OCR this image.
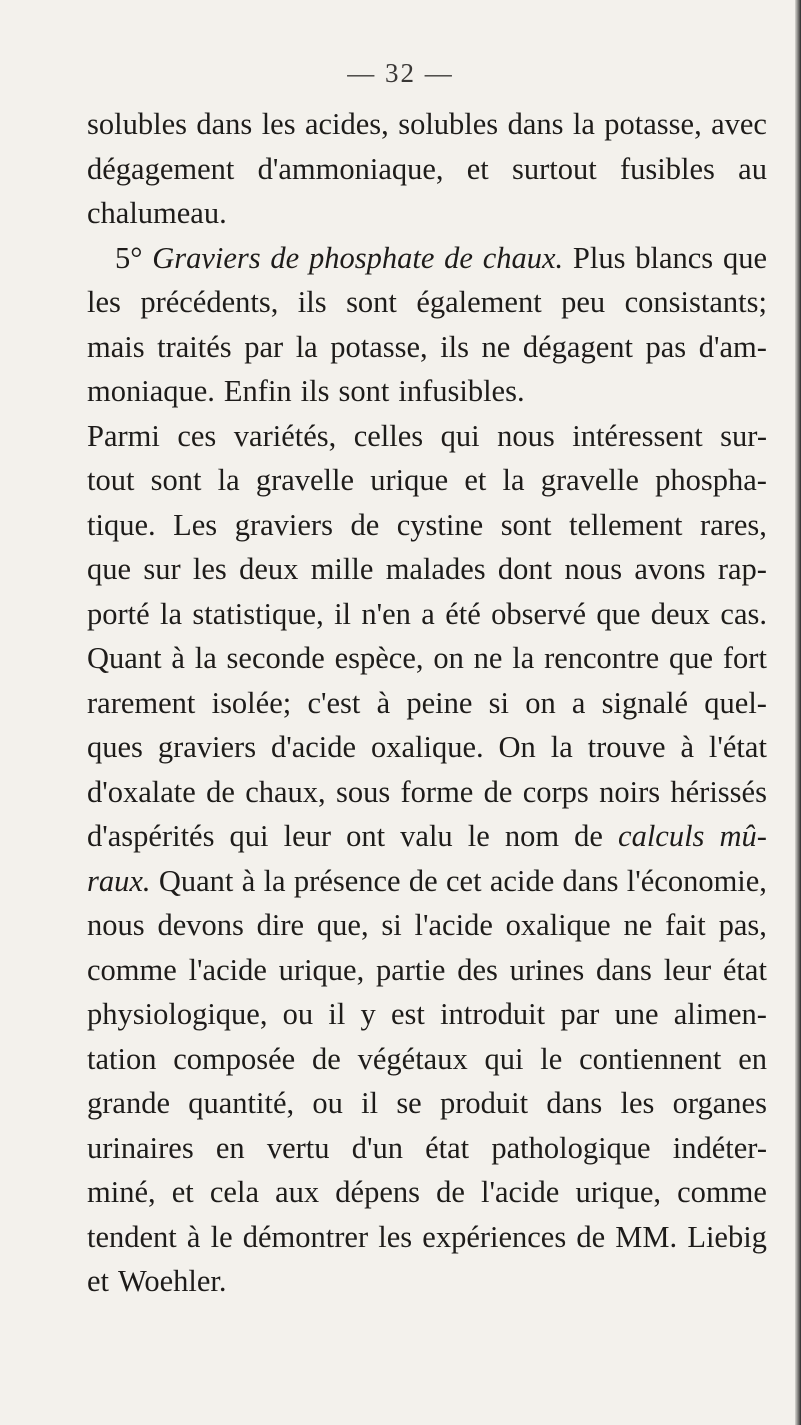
— 32 —
solubles dans les acides, solubles dans la potasse, avec
dégagement d'ammoniaque, et surtout fusibles au
chalumeau.
5° Graviers de phosphate de chaux. Plus blancs que
les précédents, ils sont également peu consistants;
mais traités par la potasse, ils ne dégagent pas d'am-
moniaque. Enfin ils sont infusibles.
Parmi ces variétés, celles qui nous intéressent sur-
tout sont la gravelle urique et la gravelle phospha-
tique. Les graviers de cystine sont tellement rares,
que sur les deux mille malades dont nous avons rap-
porté la statistique, il n'en a été observé que deux cas.
Quant à la seconde espèce, on ne la rencontre que fort
rarement isolée; c'est à peine si on a signalé quel-
ques graviers d'acide oxalique. On la trouve à l'état
d'oxalate de chaux, sous forme de corps noirs hérissés
d'aspérités qui leur ont valu le nom de calculs mû-
raux. Quant à la présence de cet acide dans l'économie,
nous devons dire que, si l'acide oxalique ne fait pas,
comme l'acide urique, partie des urines dans leur état
physiologique, ou il y est introduit par une alimen-
tation composée de végétaux qui le contiennent en
grande quantité, ou il se produit dans les organes
urinaires en vertu d'un état pathologique indéter-
miné, et cela aux dépens de l'acide urique, comme
tendent à le démontrer les expériences de MM. Liebig
et Woehler.
